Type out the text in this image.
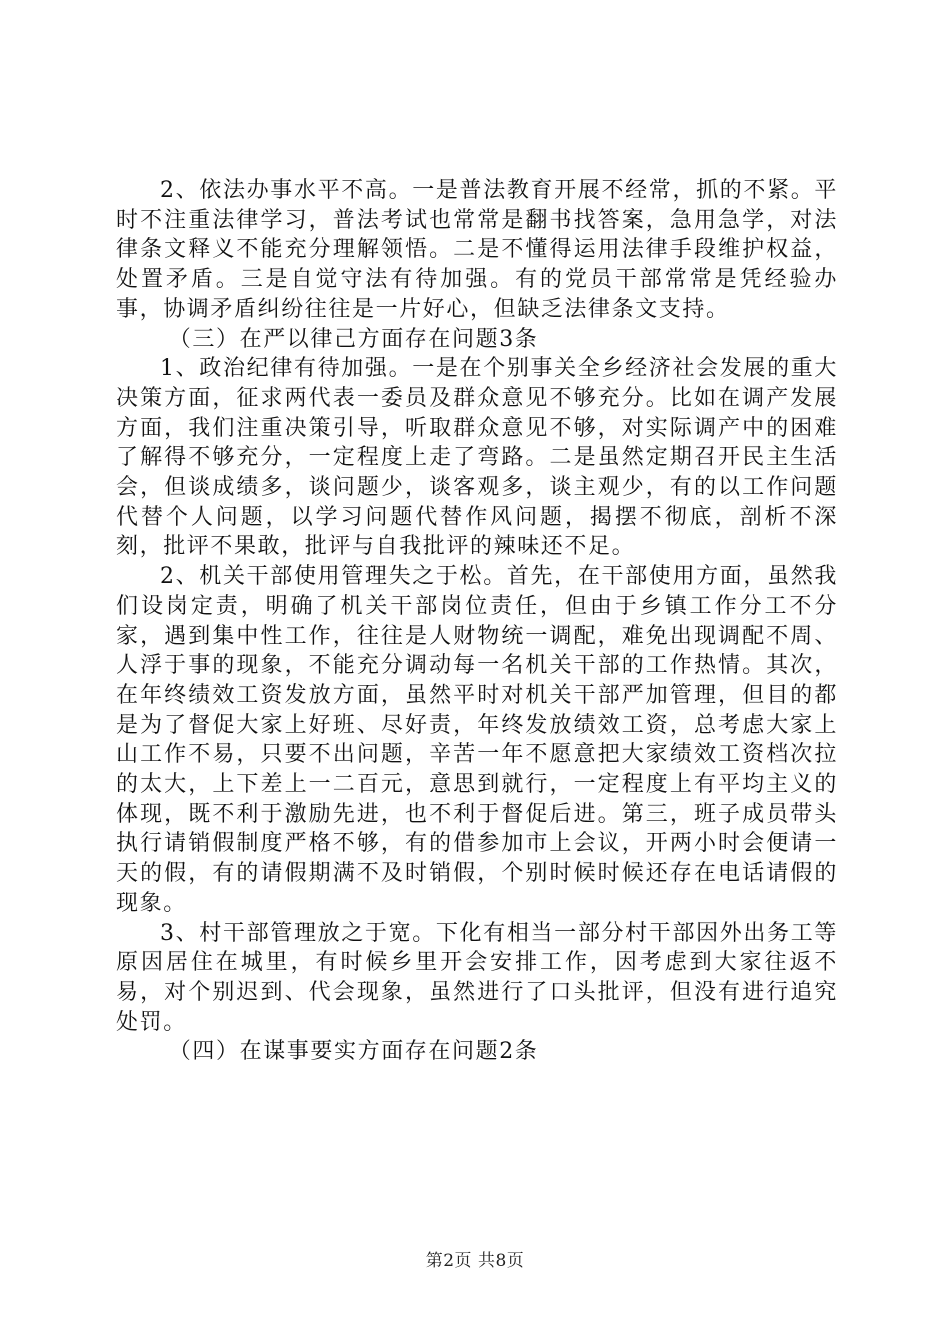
2、依法办事水平不高。一是普法教育开展不经常，抓的不紧。平时不注重法律学习，普法考试也常常是翻书找答案，急用急学，对法律条文释义不能充分理解领悟。二是不懂得运用法律手段维护权益，处置矛盾。三是自觉守法有待加强。有的党员干部常常是凭经验办事，协调矛盾纠纷往往是一片好心，但缺乏法律条文支持。

（三）在严以律己方面存在问题3条

1、政治纪律有待加强。一是在个别事关全乡经济社会发展的重大决策方面，征求两代表一委员及群众意见不够充分。比如在调产发展方面，我们注重决策引导，听取群众意见不够，对实际调产中的困难了解得不够充分，一定程度上走了弯路。二是虽然定期召开民主生活会，但谈成绩多，谈问题少，谈客观多，谈主观少，有的以工作问题代替个人问题，以学习问题代替作风问题，揭摆不彻底，剖析不深刻，批评不果敢，批评与自我批评的辣味还不足。

2、机关干部使用管理失之于松。首先，在干部使用方面，虽然我们设岗定责，明确了机关干部岗位责任，但由于乡镇工作分工不分家，遇到集中性工作，往往是人财物统一调配，难免出现调配不周、人浮于事的现象，不能充分调动每一名机关干部的工作热情。其次，在年终绩效工资发放方面，虽然平时对机关干部严加管理，但目的都是为了督促大家上好班、尽好责，年终发放绩效工资，总考虑大家上山工作不易，只要不出问题，辛苦一年不愿意把大家绩效工资档次拉的太大，上下差上一二百元，意思到就行，一定程度上有平均主义的体现，既不利于激励先进，也不利于督促后进。第三，班子成员带头执行请销假制度严格不够，有的借参加市上会议，开两小时会便请一天的假，有的请假期满不及时销假，个别时候时候还存在电话请假的现象。

3、村干部管理放之于宽。下化有相当一部分村干部因外出务工等原因居住在城里，有时候乡里开会安排工作，因考虑到大家往返不易，对个别迟到、代会现象，虽然进行了口头批评，但没有进行追究处罚。

（四）在谋事要实方面存在问题2条

第2页 共8页
